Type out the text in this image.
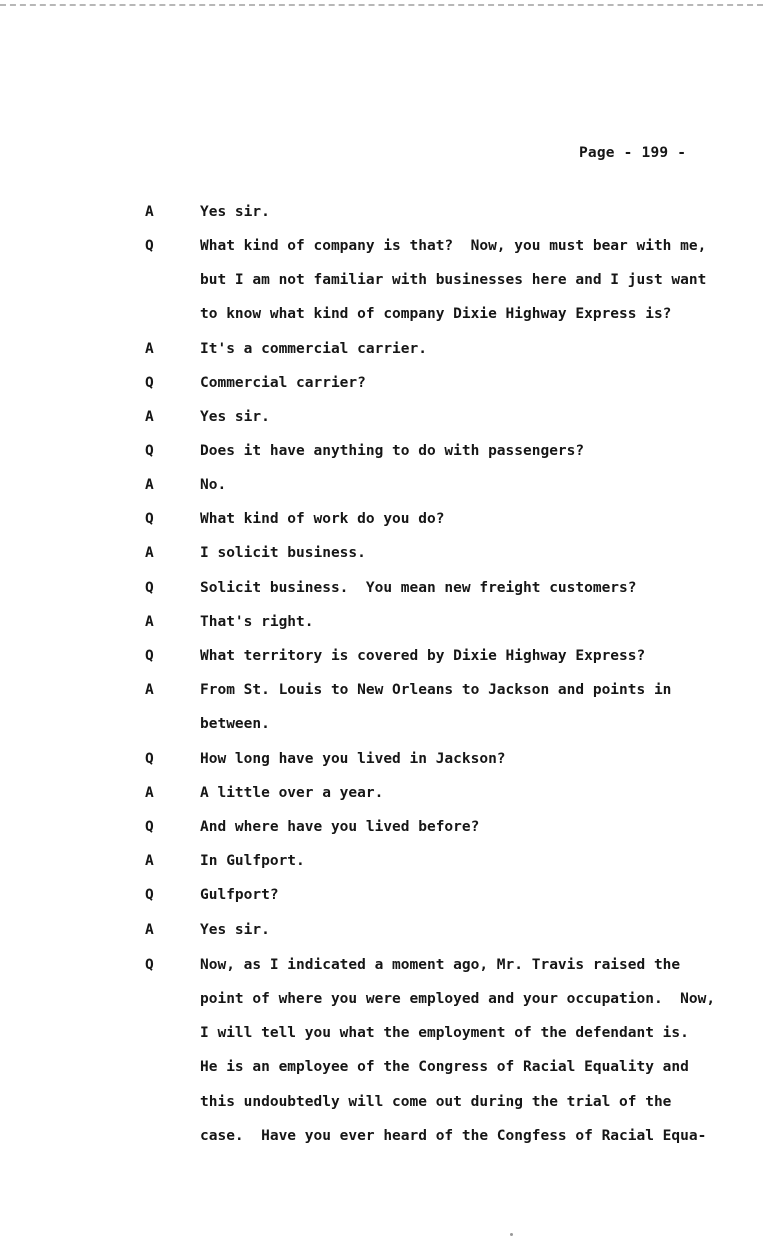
Page - 199 -
A	Yes sir.
Q	What kind of company is that?  Now, you must bear with me,
but I am not familiar with businesses here and I just want
to know what kind of company Dixie Highway Express is?
A	It's a commercial carrier.
Q	Commercial carrier?
A	Yes sir.
Q	Does it have anything to do with passengers?
A	No.
Q	What kind of work do you do?
A	I solicit business.
Q	Solicit business.  You mean new freight customers?
A	That's right.
Q	What territory is covered by Dixie Highway Express?
A	From St. Louis to New Orleans to Jackson and points in
between.
Q	How long have you lived in Jackson?
A	A little over a year.
Q	And where have you lived before?
A	In Gulfport.
Q	Gulfport?
A	Yes sir.
Q	Now, as I indicated a moment ago, Mr. Travis raised the
point of where you were employed and your occupation.  Now,
I will tell you what the employment of the defendant is.
He is an employee of the Congress of Racial Equality and
this undoubtedly will come out during the trial of the
case.  Have you ever heard of the Congfess of Racial Equa-
